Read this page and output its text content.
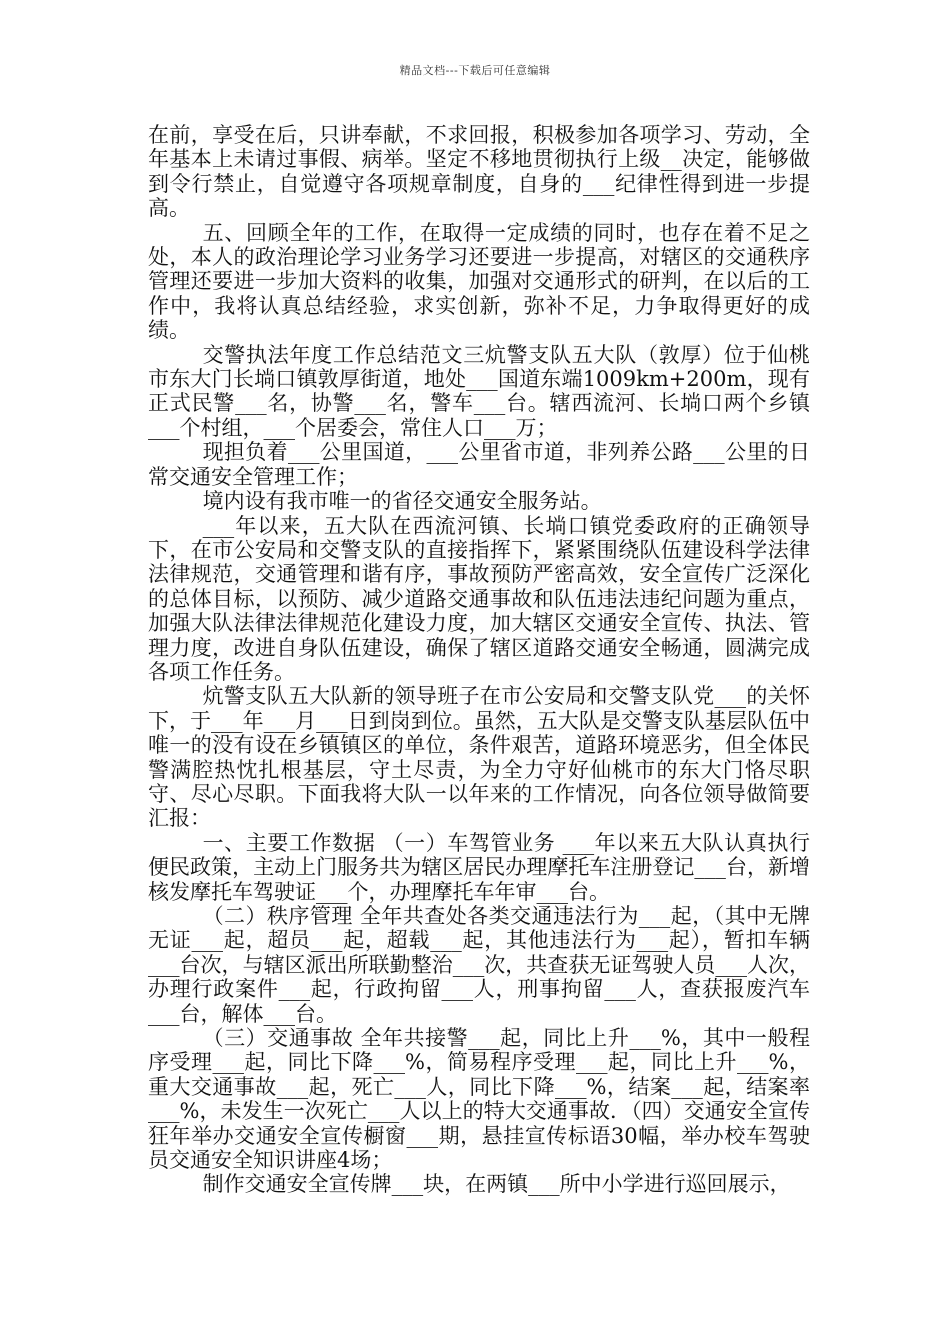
精品文档---下载后可任意编辑

在前，享受在后，只讲奉献，不求回报，积极参加各项学习、劳动，全年基本上未请过事假、病举。坚定不移地贯彻执行上级__决定，能够做到令行禁止，自觉遵守各项规章制度，自身的___纪律性得到进一步提高。

五、回顾全年的工作，在取得一定成绩的同时，也存在着不足之处，本人的政治理论学习业务学习还要进一步提高，对辖区的交通秩序管理还要进一步加大资料的收集，加强对交通形式的研判，在以后的工作中，我将认真总结经验，求实创新，弥补不足，力争取得更好的成绩。

交警执法年度工作总结范文三炕警支队五大队（敦厚）位于仙桃市东大门长埫口镇敦厚街道，地处___国道东端1009km+200m，现有正式民警___名，协警___名，警车___台。辖西流河、长埫口两个乡镇___个村组，___个居委会，常住人口___万；

现担负着___公里国道，___公里省市道，非列养公路___公里的日常交通安全管理工作；

境内设有我市唯一的省径交通安全服务站。

___年以来，五大队在西流河镇、长埫口镇党委政府的正确领导下，在市公安局和交警支队的直接指挥下，紧紧围绕队伍建设科学法律法律规范，交通管理和谐有序，事故预防严密高效，安全宣传广泛深化的总体目标，以预防、减少道路交通事故和队伍违法违纪问题为重点，加强大队法律法律规范化建设力度，加大辖区交通安全宣传、执法、管理力度，改进自身队伍建设，确保了辖区道路交通安全畅通，圆满完成各项工作任务。

炕警支队五大队新的领导班子在市公安局和交警支队党___的关怀下，于___年___月___日到岗到位。虽然，五大队是交警支队基层队伍中唯一的没有设在乡镇镇区的单位，条件艰苦，道路环境恶劣，但全体民警满腔热忱扎根基层，守土尽责，为全力守好仙桃市的东大门恪尽职守、尽心尽职。下面我将大队一以年来的工作情况，向各位领导做简要汇报：

一、主要工作数据 （一）车驾管业务 ___年以来五大队认真执行便民政策，主动上门服务共为辖区居民办理摩托车注册登记___台，新增核发摩托车驾驶证___个，办理摩托车年审___台。

（二）秩序管理 全年共查处各类交通违法行为___起，（其中无牌无证___起，超员___起，超载___起，其他违法行为___起），暂扣车辆___台次，与辖区派出所联勤整治___次，共查获无证驾驶人员___人次，办理行政案件___起，行政拘留___人，刑事拘留___人，查获报废汽车___台，解体___台。

（三）交通事故 全年共接警___起，同比上升___%，其中一般程序受理___起，同比下降___%，简易程序受理___起，同比上升___%，重大交通事故___起，死亡___人，同比下降___%，结案___起，结案率___%，未发生一次死亡___人以上的特大交通事故．（四）交通安全宣传 狂年举办交通安全宣传橱窗___期，悬挂宣传标语30幅，举办校车驾驶员交通安全知识讲座4场；

制作交通安全宣传牌___块，在两镇___所中小学进行巡回展示，
